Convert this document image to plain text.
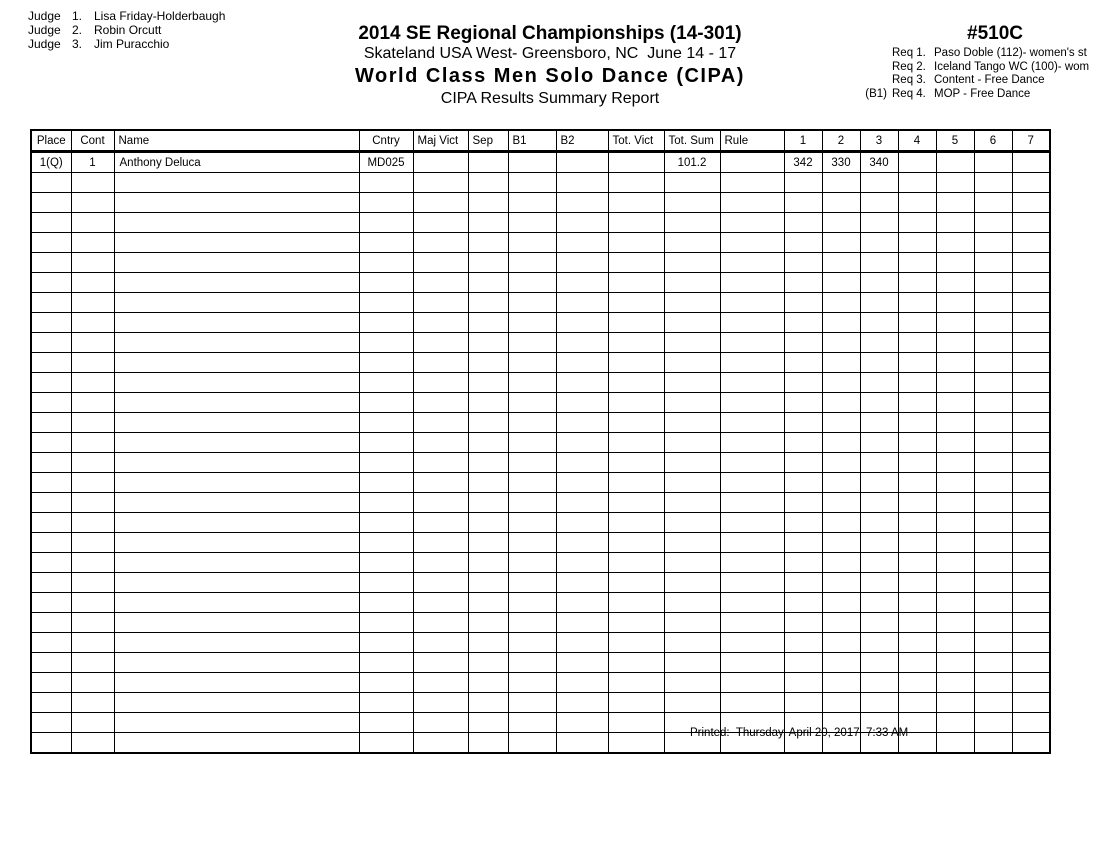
Judge 1. Lisa Friday-Holderbaugh
Judge 2. Robin Orcutt
Judge 3. Jim Puracchio	2014 SE Regional Championships (14-301)
Skateland USA West- Greensboro, NC  June 14 - 17
World Class Men Solo Dance (CIPA)
CIPA Results Summary Report
#510C
Req 1. Paso Doble (112)- women's st
Req 2. Iceland Tango WC (100)- wom
Req 3. Content - Free Dance
(B1) Req 4. MOP - Free Dance
Place	Cont	Name	Cntry	Maj Vict	Sep	B1	B2	Tot. Vict	Tot. Sum	Rule	1	2	3	4	5	6	7
1(Q)	1	Anthony Deluca	MD025						101.2		342	330	340				

Printed:  Thursday, April 20, 2017  7:33 AM
